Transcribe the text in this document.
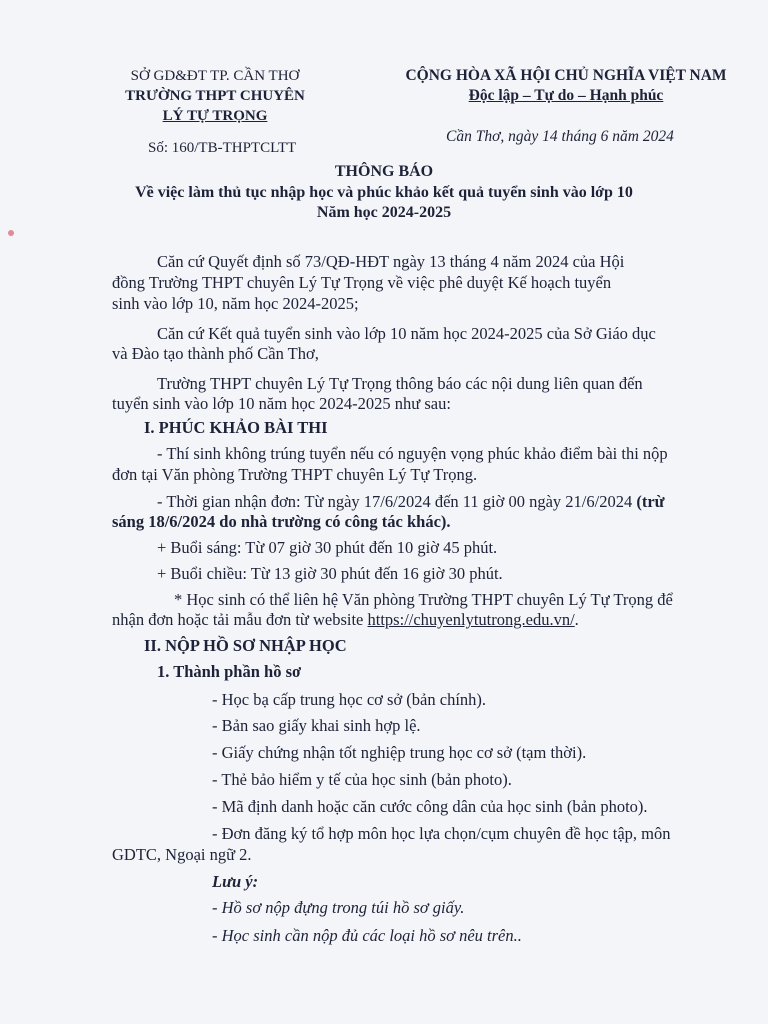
SỞ GD&ĐT TP. CẦN THƠ
TRƯỜNG THPT CHUYÊN
LÝ TỰ TRỌNG
Số: 160/TB-THPTCLTT
CỘNG HÒA XÃ HỘI CHỦ NGHĨA VIỆT NAM
Độc lập – Tự do – Hạnh phúc
Cần Thơ, ngày 14 tháng 6 năm 2024
THÔNG BÁO
Về việc làm thủ tục nhập học và phúc khảo kết quả tuyển sinh vào lớp 10
Năm học 2024-2025
Căn cứ Quyết định số 73/QĐ-HĐT ngày 13 tháng 4 năm 2024 của Hội
đồng Trường THPT chuyên Lý Tự Trọng về việc phê duyệt Kế hoạch tuyển
sinh vào lớp 10, năm học 2024-2025;
Căn cứ Kết quả tuyển sinh vào lớp 10 năm học 2024-2025 của Sở Giáo dục
và Đào tạo thành phố Cần Thơ,
Trường THPT chuyên Lý Tự Trọng thông báo các nội dung liên quan đến
tuyển sinh vào lớp 10 năm học 2024-2025 như sau:
I. PHÚC KHẢO BÀI THI
- Thí sinh không trúng tuyển nếu có nguyện vọng phúc khảo điểm bài thi nộp
đơn tại Văn phòng Trường THPT chuyên Lý Tự Trọng.
- Thời gian nhận đơn: Từ ngày 17/6/2024 đến 11 giờ 00 ngày 21/6/2024 (trừ
sáng 18/6/2024 do nhà trường có công tác khác).
+ Buổi sáng: Từ 07 giờ 30 phút đến 10 giờ 45 phút.
+ Buổi chiều: Từ 13 giờ 30 phút đến 16 giờ 30 phút.
* Học sinh có thể liên hệ Văn phòng Trường THPT chuyên Lý Tự Trọng để
nhận đơn hoặc tải mẫu đơn từ website https://chuyenlytutrong.edu.vn/.
II. NỘP HỒ SƠ NHẬP HỌC
1. Thành phần hồ sơ
- Học bạ cấp trung học cơ sở (bản chính).
- Bản sao giấy khai sinh hợp lệ.
- Giấy chứng nhận tốt nghiệp trung học cơ sở (tạm thời).
- Thẻ bảo hiểm y tế của học sinh (bản photo).
- Mã định danh hoặc căn cước công dân của học sinh (bản photo).
- Đơn đăng ký tổ hợp môn học lựa chọn/cụm chuyên đề học tập, môn
GDTC, Ngoại ngữ 2.
Lưu ý:
- Hồ sơ nộp đựng trong túi hồ sơ giấy.
- Học sinh cần nộp đủ các loại hồ sơ nêu trên..
